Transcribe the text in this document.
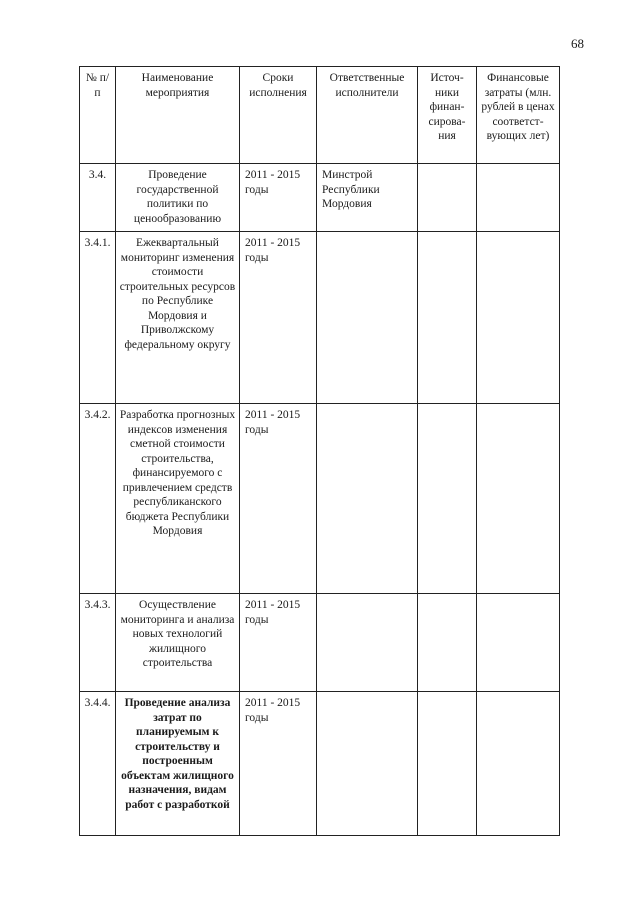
68
№ п/п	Наименование мероприятия	Сроки исполнения	Ответственные исполнители	Источ-ники финан-сирова-ния	Финансовые затраты (млн. рублей в ценах соответст-вующих лет)
3.4.	Проведение государственной политики по ценообразованию	2011 - 2015 годы	Минстрой Республики Мордовия		
3.4.1.	Ежеквартальный мониторинг изменения стоимости строительных ресурсов по Республике Мордовия и Приволжскому федеральному округу	2011 - 2015 годы			
3.4.2.	Разработка прогнозных индексов изменения сметной стоимости строительства, финансируемого с привлечением средств республиканского бюджета Республики Мордовия	2011 - 2015 годы			
3.4.3.	Осуществление мониторинга и анализа новых технологий жилищного строительства	2011 - 2015 годы			
3.4.4.	Проведение анализа затрат по планируемым к строительству и построенным объектам жилищного назначения, видам работ с разработкой	2011 - 2015 годы			
